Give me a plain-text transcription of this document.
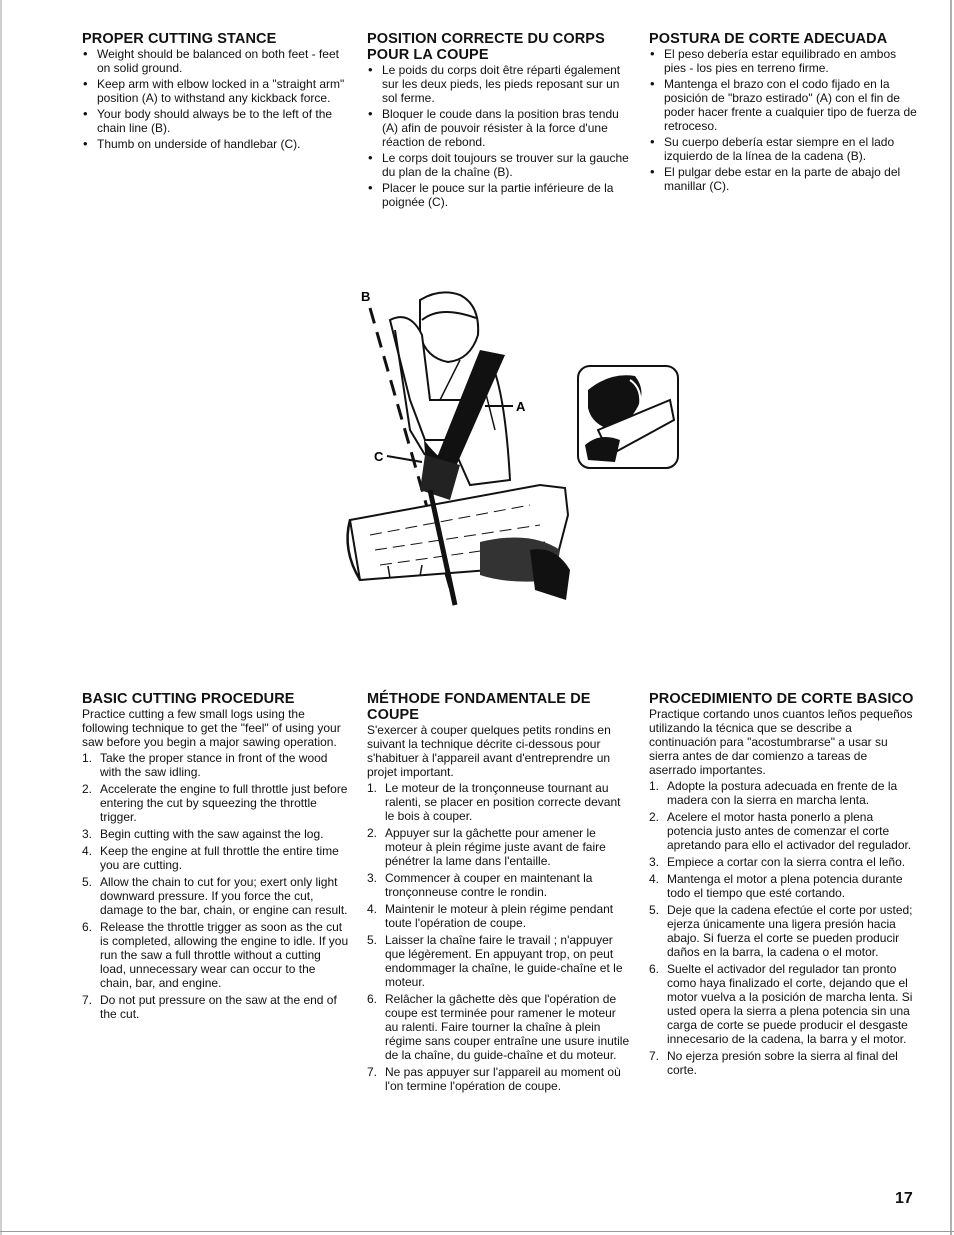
PROPER CUTTING STANCE
• Weight should be balanced on both feet - feet on solid ground.
• Keep arm with elbow locked in a "straight arm" position (A) to withstand any kickback force.
• Your body should always be to the left of the chain line (B).
• Thumb on underside of handlebar (C).
POSITION CORRECTE DU CORPS POUR LA COUPE
• Le poids du corps doit être réparti également sur les deux pieds, les pieds reposant sur un sol ferme.
• Bloquer le coude dans la position bras tendu (A) afin de pouvoir résister à la force d'une réaction de rebond.
• Le corps doit toujours se trouver sur la gauche du plan de la chaîne (B).
• Placer le pouce sur la partie inférieure de la poignée (C).
POSTURA DE CORTE ADECUADA
• El peso debería estar equilibrado en ambos pies - los pies en terreno firme.
• Mantenga el brazo con el codo fijado en la posición de "brazo estirado" (A) con el fin de poder hacer frente a cualquier tipo de fuerza de retroceso.
• Su cuerpo debería estar siempre en el lado izquierdo de la línea de la cadena (B).
• El pulgar debe estar en la parte de abajo del manillar (C).
B
A
C
BASIC CUTTING PROCEDURE

Practice cutting a few small logs using the following technique to get the "feel" of using your saw before you begin a major sawing operation.

1. Take the proper stance in front of the wood with the saw idling.
2. Accelerate the engine to full throttle just before entering the cut by squeezing the throttle trigger.
3. Begin cutting with the saw against the log.
4. Keep the engine at full throttle the entire time you are cutting.
5. Allow the chain to cut for you; exert only light downward pressure. If you force the cut, damage to the bar, chain, or engine can result.
6. Release the throttle trigger as soon as the cut is completed, allowing the engine to idle. If you run the saw a full throttle without a cutting load, unnecessary wear can occur to the chain, bar, and engine.
7. Do not put pressure on the saw at the end of the cut.
MÉTHODE FONDAMENTALE DE COUPE

S'exercer à couper quelques petits rondins en suivant la technique décrite ci-dessous pour s'habituer à l'appareil avant d'entreprendre un projet important.

1. Le moteur de la tronçonneuse tournant au ralenti, se placer en position correcte devant le bois à couper.
2. Appuyer sur la gâchette pour amener le moteur à plein régime juste avant de faire pénétrer la lame dans l'entaille.
3. Commencer à couper en maintenant la tronçonneuse contre le rondin.
4. Maintenir le moteur à plein régime pendant toute l'opération de coupe.
5. Laisser la chaîne faire le travail ; n'appuyer que légèrement. En appuyant trop, on peut endommager la chaîne, le guide-chaîne et le moteur.
6. Relâcher la gâchette dès que l'opération de coupe est terminée pour ramener le moteur au ralenti. Faire tourner la chaîne à plein régime sans couper entraîne une usure inutile de la chaîne, du guide-chaîne et du moteur.
7. Ne pas appuyer sur l'appareil au moment où l'on termine l'opération de coupe.
PROCEDIMIENTO DE CORTE BASICO

Practique cortando unos cuantos leños pequeños utilizando la técnica que se describe a continuación para "acostumbrarse" a usar su sierra antes de dar comienzo a tareas de aserrado importantes.

1. Adopte la postura adecuada en frente de la madera con la sierra en marcha lenta.
2. Acelere el motor hasta ponerlo a plena potencia justo antes de comenzar el corte apretando para ello el activador del regulador.
3. Empiece a cortar con la sierra contra el leño.
4. Mantenga el motor a plena potencia durante todo el tiempo que esté cortando.
5. Deje que la cadena efectúe el corte por usted; ejerza únicamente una ligera presión hacia abajo. Si fuerza el corte se pueden producir daños en la barra, la cadena o el motor.
6. Suelte el activador del regulador tan pronto como haya finalizado el corte, dejando que el motor vuelva a la posición de marcha lenta. Si usted opera la sierra a plena potencia sin una carga de corte se puede producir el desgaste innecesario de la cadena, la barra y el motor.
7. No ejerza presión sobre la sierra al final del corte.
17
